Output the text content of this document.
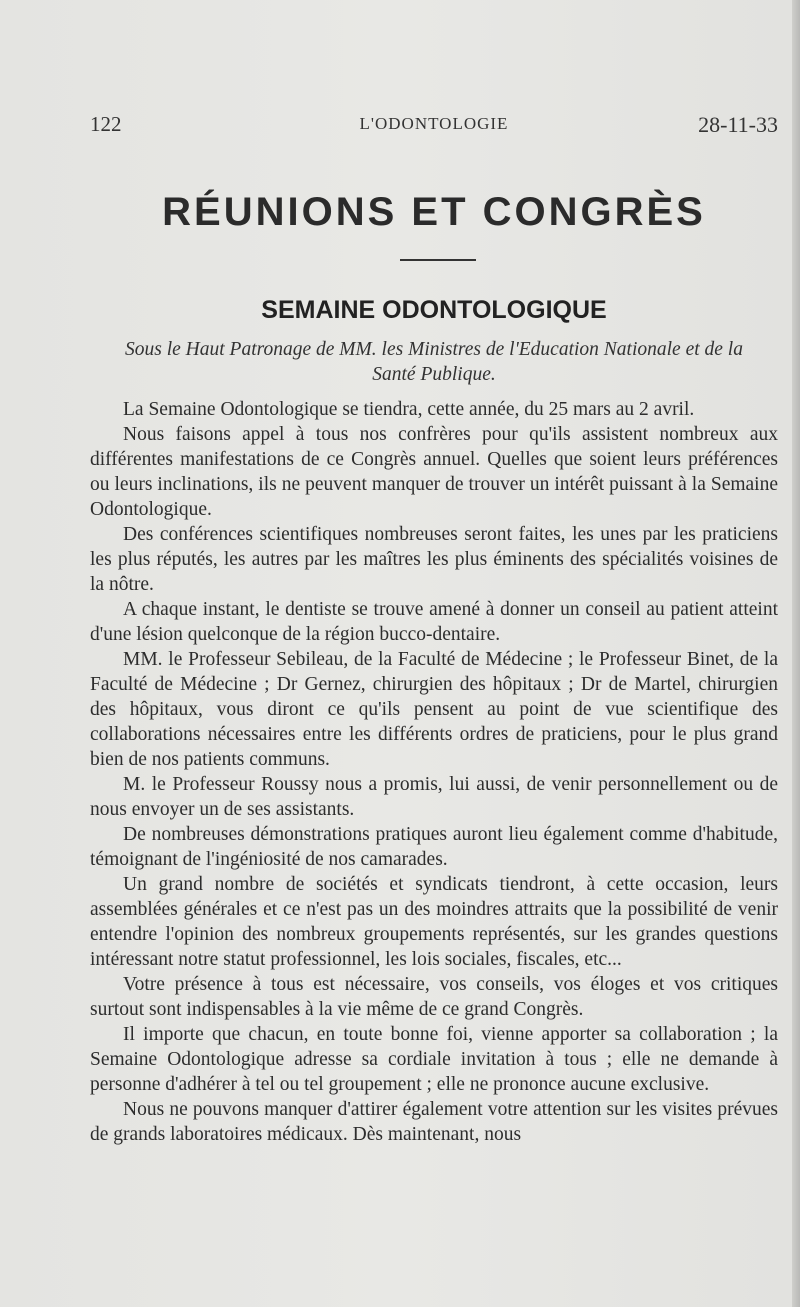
122	L'ODONTOLOGIE	28-11-33
RÉUNIONS ET CONGRÈS
SEMAINE ODONTOLOGIQUE
Sous le Haut Patronage de MM. les Ministres de l'Education Nationale et de la Santé Publique.

La Semaine Odontologique se tiendra, cette année, du 25 mars au 2 avril.

Nous faisons appel à tous nos confrères pour qu'ils assistent nombreux aux différentes manifestations de ce Congrès annuel. Quelles que soient leurs préférences ou leurs inclinations, ils ne peuvent manquer de trouver un intérêt puissant à la Semaine Odontologique.

Des conférences scientifiques nombreuses seront faites, les unes par les praticiens les plus réputés, les autres par les maîtres les plus éminents des spécialités voisines de la nôtre.

A chaque instant, le dentiste se trouve amené à donner un conseil au patient atteint d'une lésion quelconque de la région bucco-dentaire.

MM. le Professeur Sebileau, de la Faculté de Médecine ; le Professeur Binet, de la Faculté de Médecine ; Dr Gernez, chirurgien des hôpitaux ; Dr de Martel, chirurgien des hôpitaux, vous diront ce qu'ils pensent au point de vue scientifique des collaborations nécessaires entre les différents ordres de praticiens, pour le plus grand bien de nos patients communs.

M. le Professeur Roussy nous a promis, lui aussi, de venir personnellement ou de nous envoyer un de ses assistants.

De nombreuses démonstrations pratiques auront lieu également comme d'habitude, témoignant de l'ingéniosité de nos camarades.

Un grand nombre de sociétés et syndicats tiendront, à cette occasion, leurs assemblées générales et ce n'est pas un des moindres attraits que la possibilité de venir entendre l'opinion des nombreux groupements représentés, sur les grandes questions intéressant notre statut professionnel, les lois sociales, fiscales, etc...

Votre présence à tous est nécessaire, vos conseils, vos éloges et vos critiques surtout sont indispensables à la vie même de ce grand Congrès.

Il importe que chacun, en toute bonne foi, vienne apporter sa collaboration ; la Semaine Odontologique adresse sa cordiale invitation à tous ; elle ne demande à personne d'adhérer à tel ou tel groupement ; elle ne prononce aucune exclusive.

Nous ne pouvons manquer d'attirer également votre attention sur les visites prévues de grands laboratoires médicaux. Dès maintenant, nous
